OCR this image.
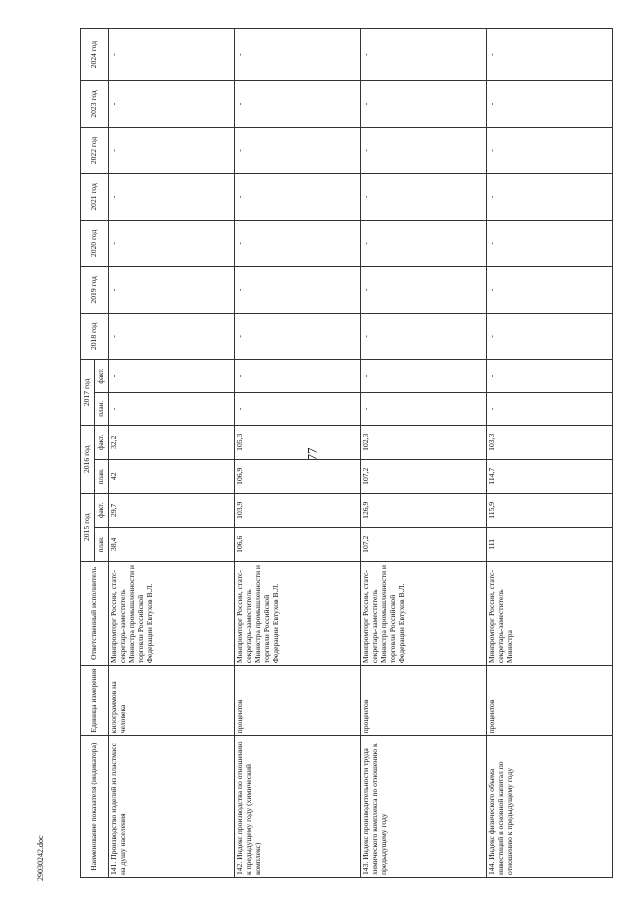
77
29030242.doc	Наименование показателя (индикатора)	Единица измерения	Ответственный исполнитель	2015 год		2016 год		2017 год		2018 год	2019 год	2020 год	2021 год	2022 год	2023 год	2024 год
			план.	факт.	план.	факт.	план.	факт.							
141. Производство изделий из пластмасс на душу населения	килограммов на человека	Минпромторг России, статс-секретарь-заместитель Министра промышленности и торговли Российской Федерации Евтухов В.Л.	38,4	29,7	42	32,2	-	-	-	-	-	-	-	-	-
142. Индекс производства по отношению к предыдущему году (химический комплекс)	процентов	Минпромторг России, статс-секретарь-заместитель Министра промышленности и торговли Российской Федерации Евтухов В.Л.	106,6	103,9	106,9	105,3	-	-	-	-	-	-	-	-	-
143. Индекс производительности труда химического комплекса по отношению к предыдущему году	процентов	Минпромторг России, статс-секретарь-заместитель Министра промышленности и торговли Российской Федерации Евтухов В.Л.	107,2	126,9	107,2	102,3	-	-	-	-	-	-	-	-	-
144. Индекс физического объема инвестиций в основной капитал по отношению к предыдущему году	процентов	Минпромторг России, статс-секретарь-заместитель Министра	111	115,9	114,7	103,3	-	-	-	-	-	-	-	-	-
